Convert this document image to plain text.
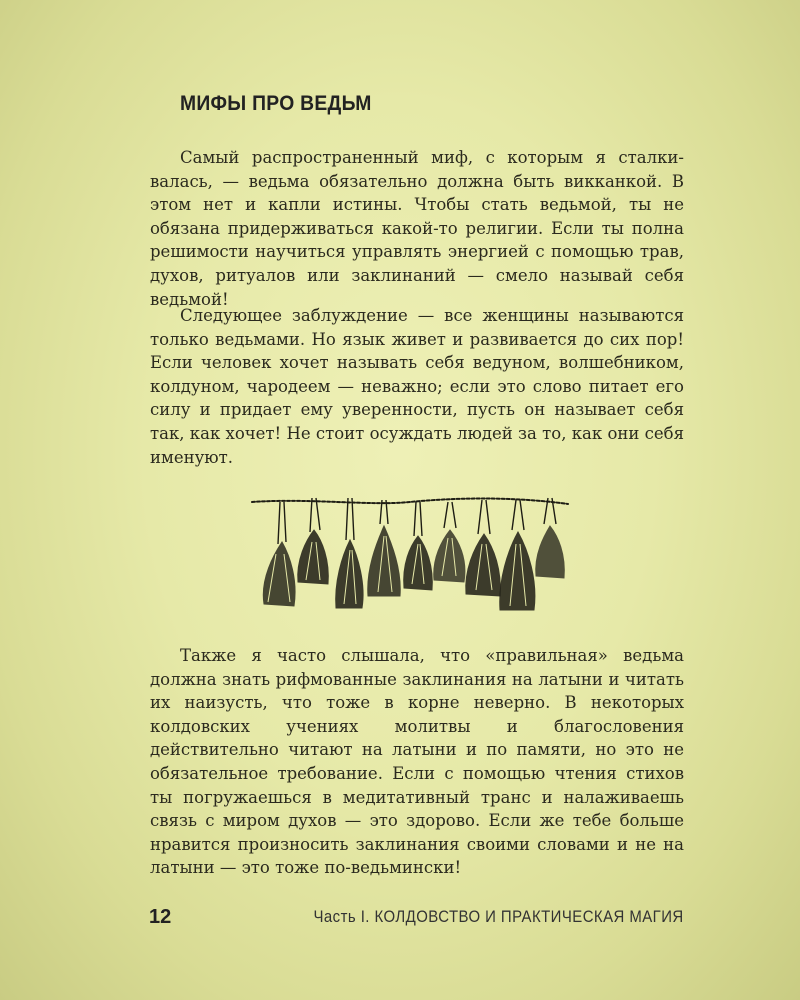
МИФЫ ПРО ВЕДЬМ

Самый распространенный миф, с которым я сталкивалась, — ведьма обязательно должна быть викканкой. В этом нет и капли истины. Чтобы стать ведьмой, ты не обязана придерживаться какой-то религии. Если ты полна решимости научиться управлять энергией с помощью трав, духов, ритуалов или заклинаний — смело называй себя ведьмой!

Следующее заблуждение — все женщины называются только ведьмами. Но язык живет и развивается до сих пор! Если человек хочет называть себя ведуном, волшебником, колдуном, чародеем — неважно; если это слово питает его силу и придает ему уверенности, пусть он называет себя так, как хочет! Не стоит осуждать людей за то, как они себя именуют.

Также я часто слышала, что «правильная» ведьма должна знать рифмованные заклинания на латыни и читать их наизусть, что тоже в корне неверно. В некоторых колдовских учениях молитвы и благословения действительно читают на латыни и по памяти, но это не обязательное требование. Если с помощью чтения стихов ты погружаешься в медитативный транс и налаживаешь связь с миром духов — это здорово. Если же тебе больше нравится произносить заклинания своими словами и не на латыни — это тоже по-ведьмински!

12	Часть I. КОЛДОВСТВО И ПРАКТИЧЕСКАЯ МАГИЯ
